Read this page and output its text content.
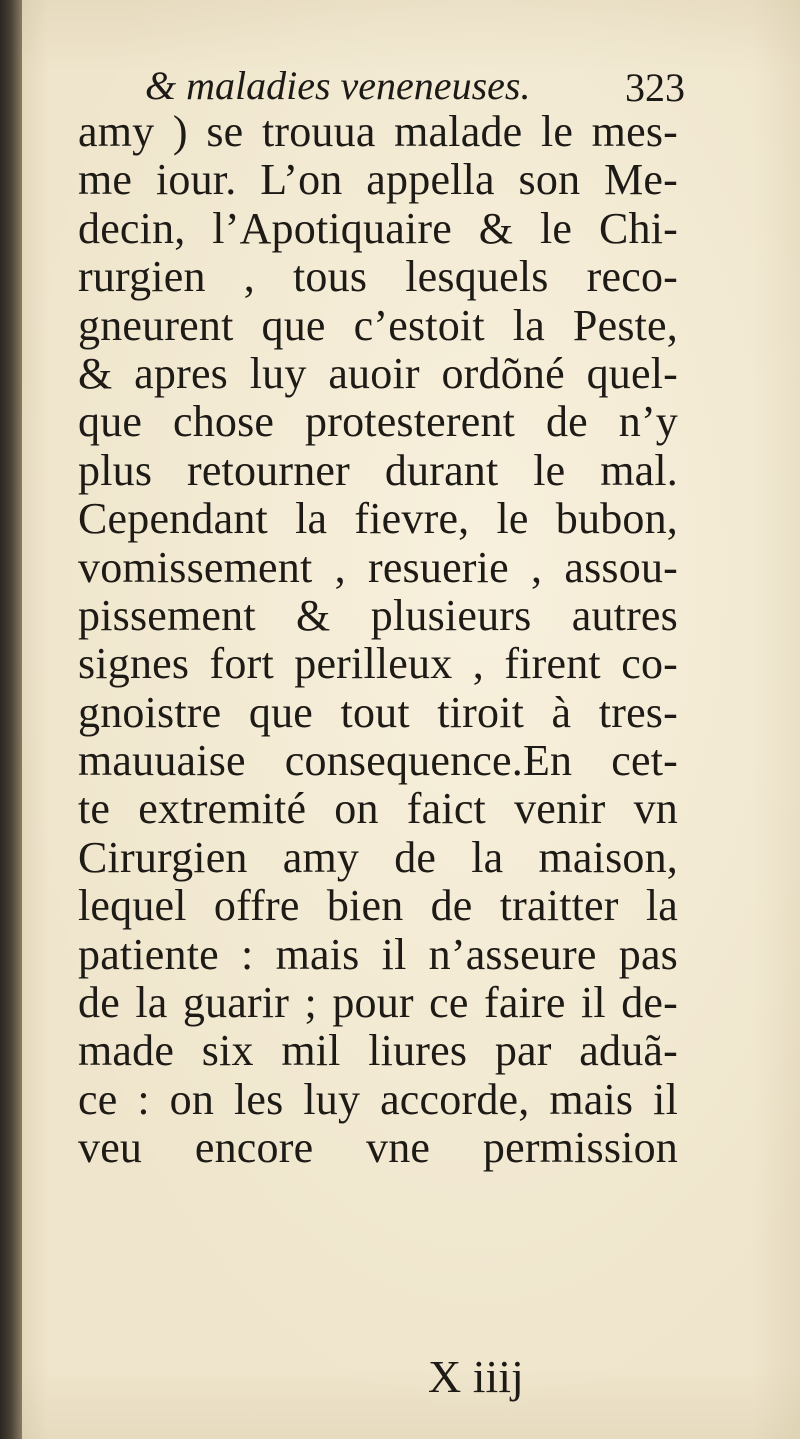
& maladies veneneuses. 323
amy ) se trouua malade le mes-
me iour. L’on appella son Me-
decin, l’Apotiquaire & le Chi-
rurgien , tous lesquels reco-
gneurent que c’estoit la Peste,
& apres luy auoir ordõné quel-
que chose protesterent de n’y
plus retourner durant le mal.
Cependant la fievre, le bubon,
vomissement , resuerie , assou-
pissement & plusieurs autres
signes fort perilleux , firent co-
gnoistre que tout tiroit à tres-
mauuaise consequence.En cet-
te extremité on faict venir vn
Cirurgien amy de la maison,
lequel offre bien de traitter la
patiente : mais il n’asseure pas
de la guarir ; pour ce faire il de-
made six mil liures par aduã-
ce : on les luy accorde, mais il
veu encore vne permission
X iiij
